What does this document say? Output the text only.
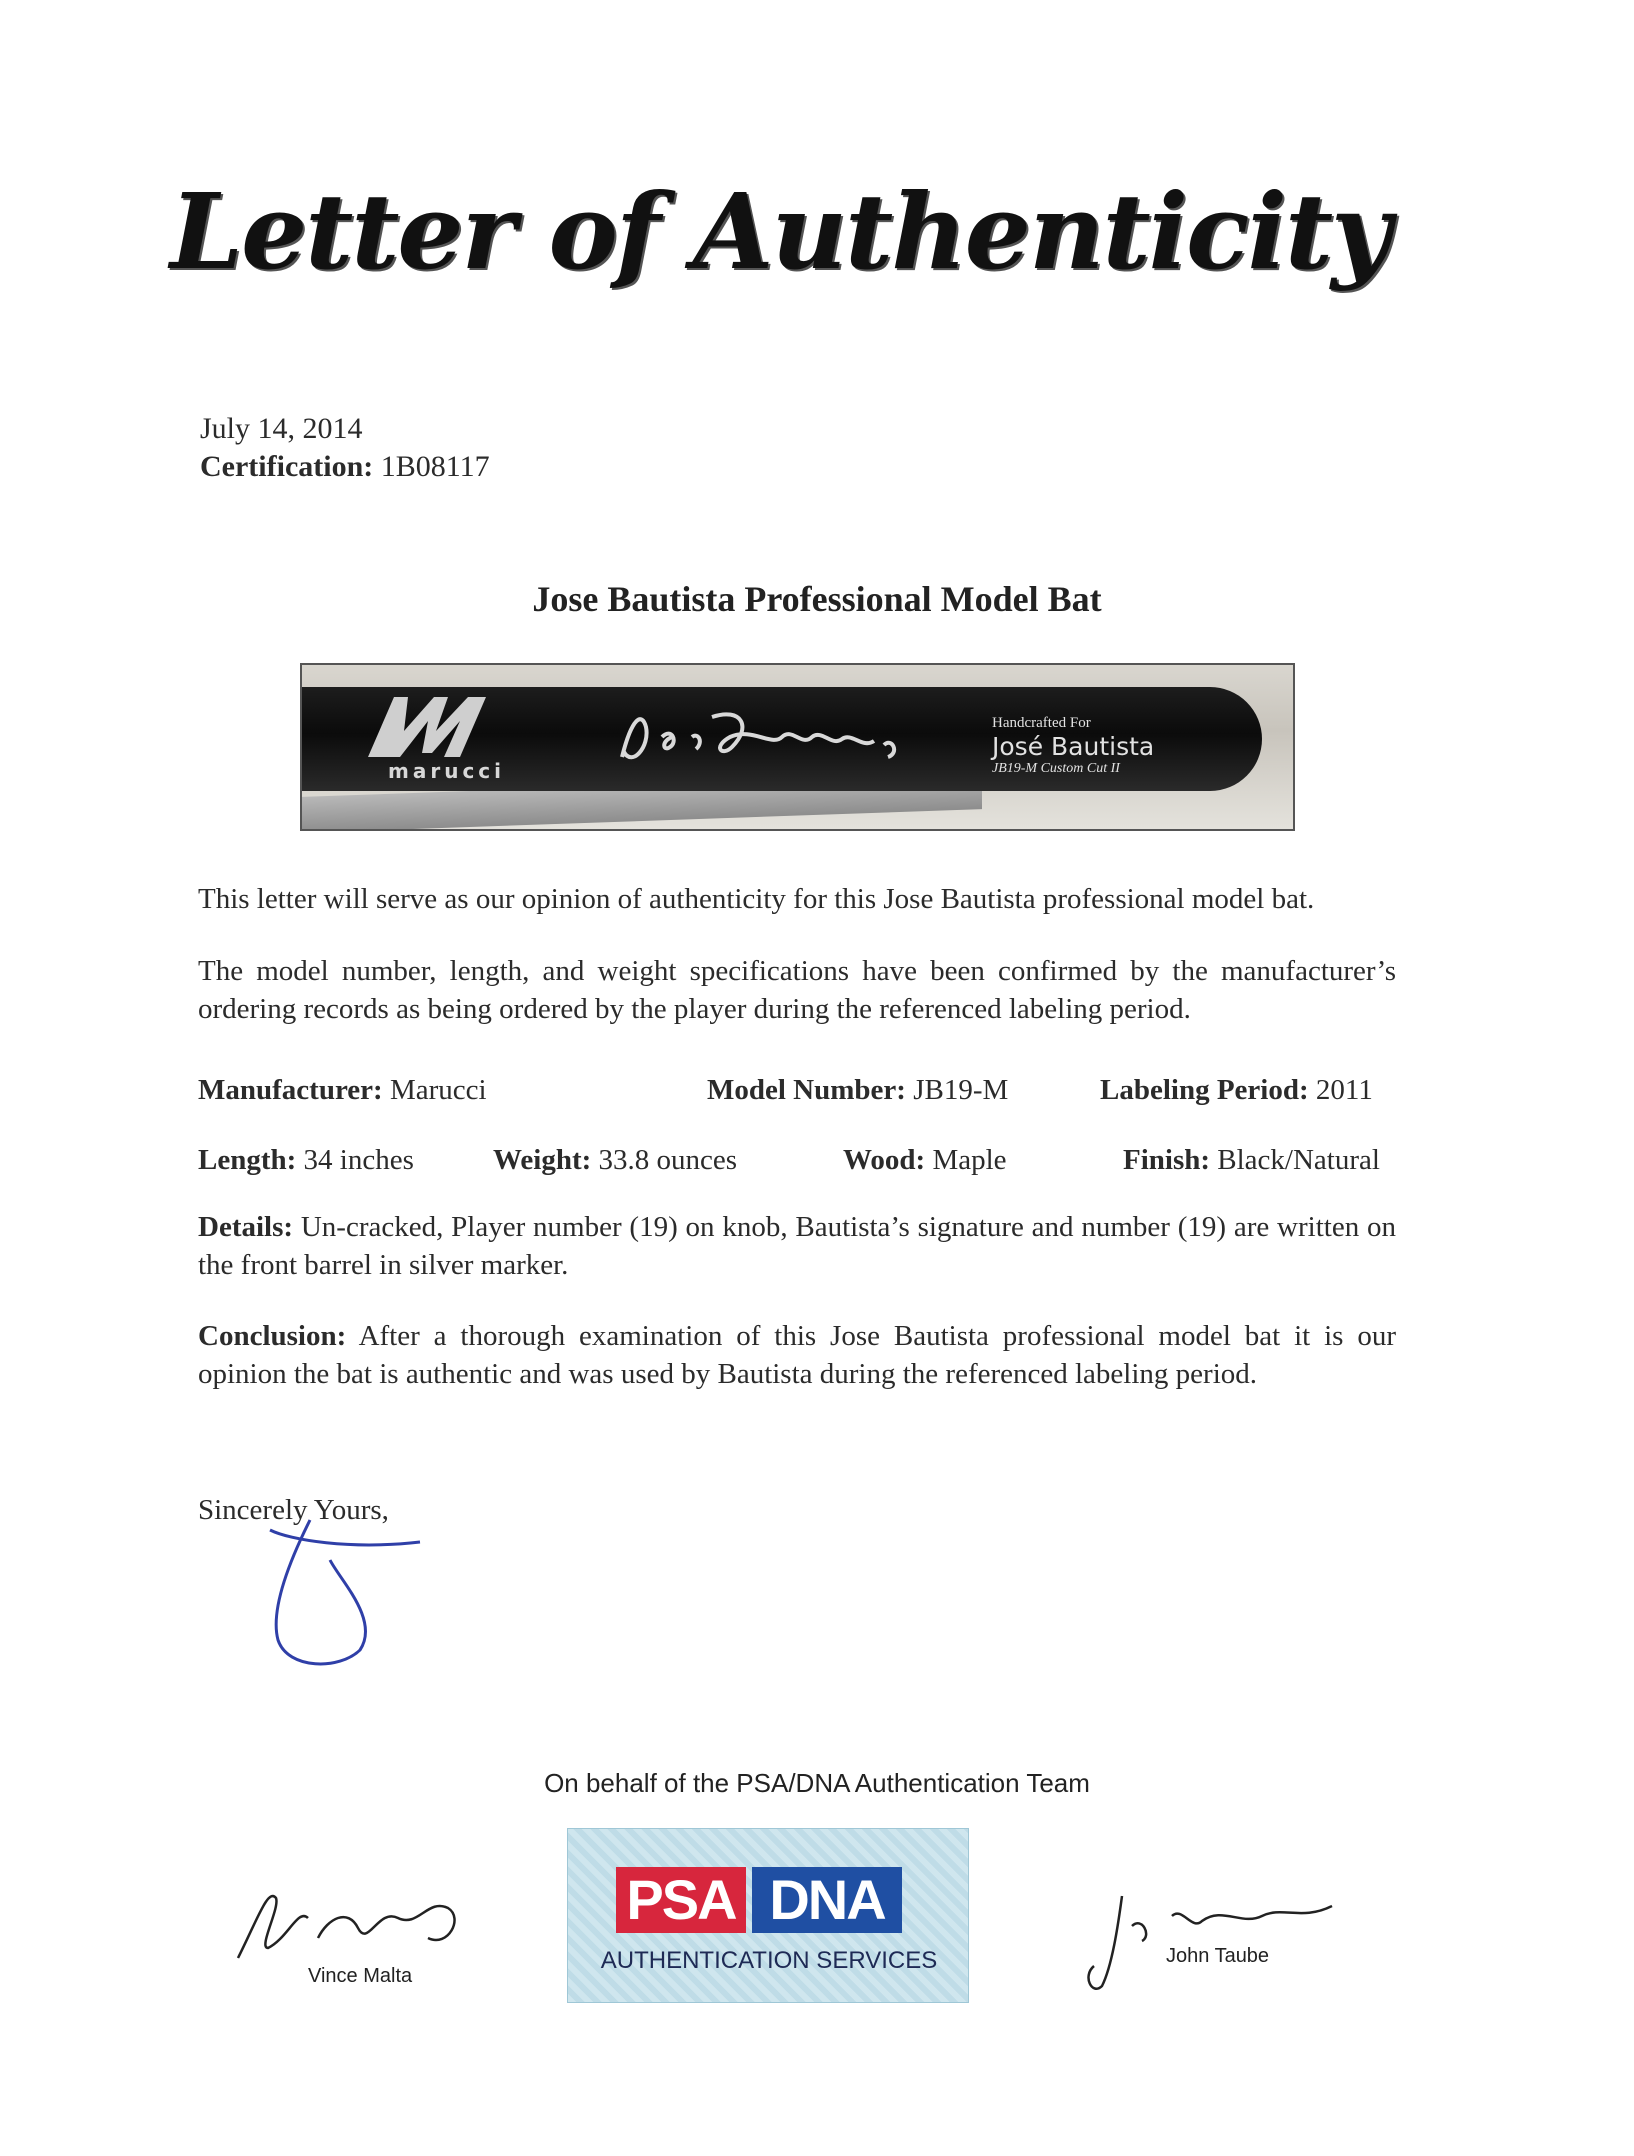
Letter of Authenticity
July 14, 2014
Certification: 1B08117
Jose Bautista Professional Model Bat
marucci
Handcrafted For
José Bautista
JB19-M Custom Cut II
This letter will serve as our opinion of authenticity for this Jose Bautista professional model bat.
The model number, length, and weight specifications have been confirmed by the manufacturer’s ordering records as being ordered by the player during the referenced labeling period.
Manufacturer: Marucci	Model Number: JB19-M	Labeling Period: 2011
Length: 34 inches	Weight: 33.8 ounces	Wood: Maple	Finish: Black/Natural
Details: Un-cracked, Player number (19) on knob, Bautista’s signature and number (19) are written on the front barrel in silver marker.
Conclusion: After a thorough examination of this Jose Bautista professional model bat it is our opinion the bat is authentic and was used by Bautista during the referenced labeling period.
Sincerely Yours,
On behalf of the PSA/DNA Authentication Team
PSA DNA
AUTHENTICATION SERVICES
Vince Malta
John Taube
